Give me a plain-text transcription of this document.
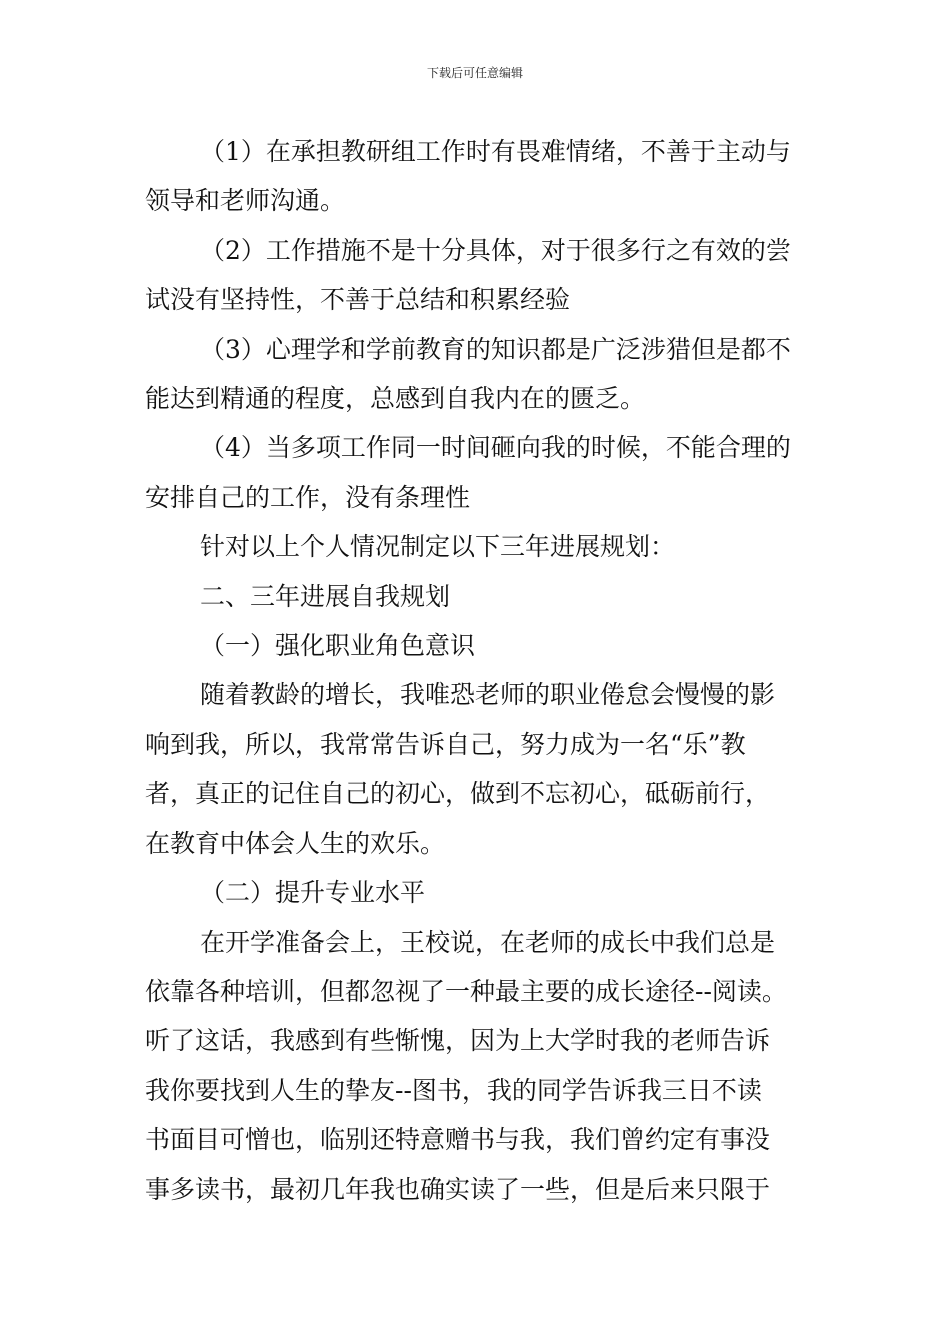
下载后可任意编辑

（1）在承担教研组工作时有畏难情绪，不善于主动与

领导和老师沟通。

（2）工作措施不是十分具体，对于很多行之有效的尝

试没有坚持性，不善于总结和积累经验

（3）心理学和学前教育的知识都是广泛涉猎但是都不

能达到精通的程度，总感到自我内在的匮乏。

（4）当多项工作同一时间砸向我的时候，不能合理的

安排自己的工作，没有条理性

针对以上个人情况制定以下三年进展规划：

二、三年进展自我规划

（一）强化职业角色意识

随着教龄的增长，我唯恐老师的职业倦怠会慢慢的影

响到我，所以，我常常告诉自己，努力成为一名“乐”教

者，真正的记住自己的初心，做到不忘初心，砥砺前行，

在教育中体会人生的欢乐。

（二）提升专业水平

在开学准备会上，王校说，在老师的成长中我们总是

依靠各种培训，但都忽视了一种最主要的成长途径--阅读。

听了这话，我感到有些惭愧，因为上大学时我的老师告诉

我你要找到人生的挚友--图书，我的同学告诉我三日不读

书面目可憎也，临别还特意赠书与我，我们曾约定有事没

事多读书，最初几年我也确实读了一些，但是后来只限于
